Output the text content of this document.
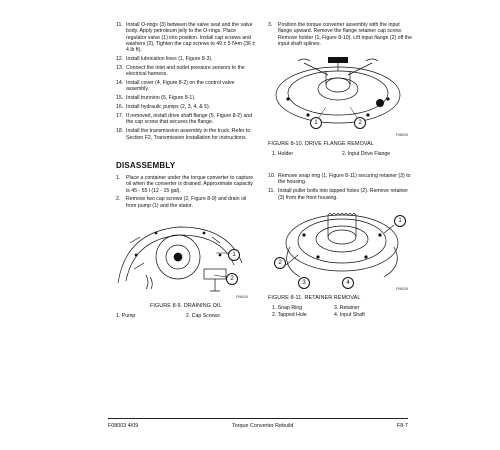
11. Install O-rings (3) between the valve seat and the valve body. Apply petroleum jelly to the O-rings. Place regulator valve (1) into position. Install cap screws and washers (2). Tighten the cap screws to 49 ± 5 N•m (36 ± 4 lb ft).
12. Install lubrication lines (1, Figure 8-3).
13. Connect the inlet and outlet pressure sensors to the electrical harness.
14. Install cover (4, Figure 8-2) on the control valve assembly.
15. Install trunnion (5, Figure 8-1).
16. Install hydraulic pumps (2, 3, 4, & 5).
17. If removed, install drive shaft flange (5, Figure 8-2) and the cap screw that secures the flange.
18. Install the transmission assembly in the truck. Refer to Section F2, Transmission Installation for instructions.
DISASSEMBLY
1. Place a container under the torque converter to capture oil when the converter is drained. Approximate capacity is 45 - 55 l (12 - 15 gal).
2. Remove two cap screws (2, Figure 8-9) and drain oil from pump (1) and the stator.
1
2
F08024
FIGURE 8-9. DRAINING OIL
1. Pump	2. Cap Screws
3. Position the torque converter assembly with the input flange upward. Remove the flange retainer cap screw. Remove holder (1, Figure 8-10). Lift input flange (2) off the input shaft splines.
1	2
F08025
FIGURE 8-10. DRIVE FLANGE REMOVAL
1. Holder	2. Input Drive Flange
10. Remove snap ring (1, Figure 8-11) securing retainer (3) to the housing.
11. Install puller bolts into tapped holes (2). Remove retainer (3) from the front housing.
1
2
3	4
F08026
FIGURE 8-11. RETAINER REMOVAL
1. Snap Ring	3. Retainer
2. Tapped Hole	4. Input Shaft
F08003 4/09	Torque Converter Rebuild	F8-7
